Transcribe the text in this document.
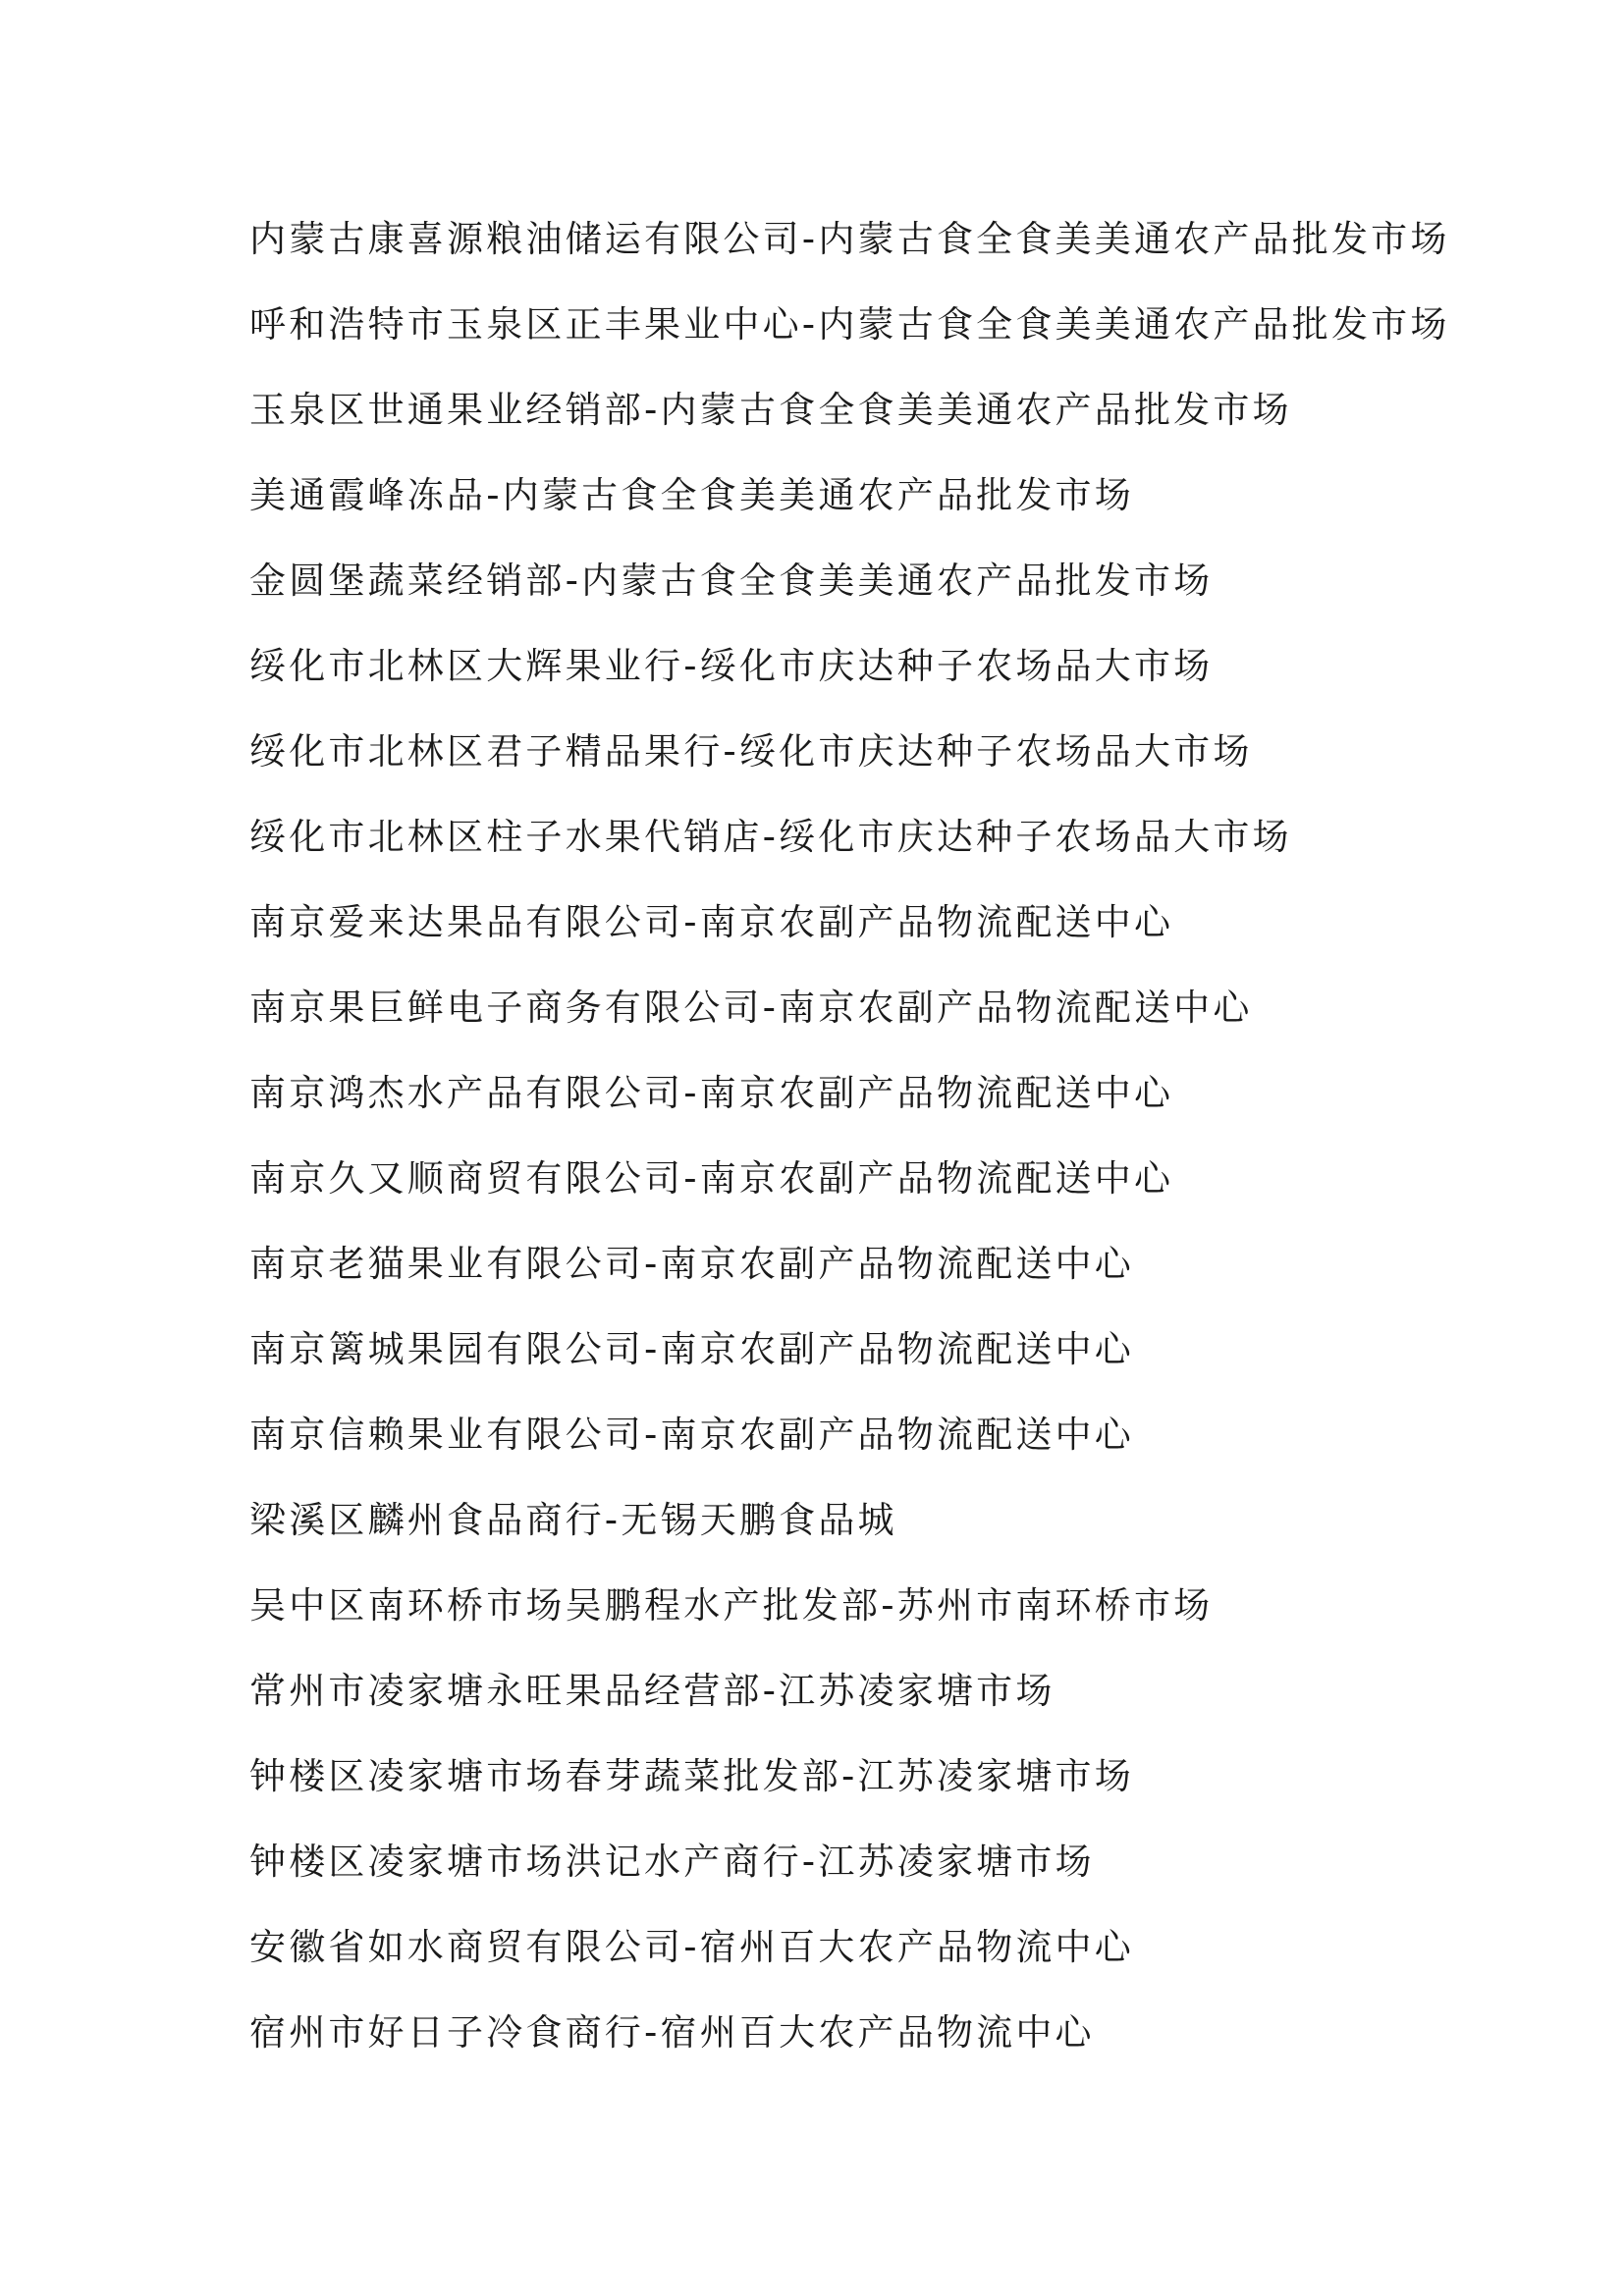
内蒙古康喜源粮油储运有限公司-内蒙古食全食美美通农产品批发市场
呼和浩特市玉泉区正丰果业中心-内蒙古食全食美美通农产品批发市场
玉泉区世通果业经销部-内蒙古食全食美美通农产品批发市场
美通霞峰冻品-内蒙古食全食美美通农产品批发市场
金圆堡蔬菜经销部-内蒙古食全食美美通农产品批发市场
绥化市北林区大辉果业行-绥化市庆达种子农场品大市场
绥化市北林区君子精品果行-绥化市庆达种子农场品大市场
绥化市北林区柱子水果代销店-绥化市庆达种子农场品大市场
南京爱来达果品有限公司-南京农副产品物流配送中心
南京果巨鲜电子商务有限公司-南京农副产品物流配送中心
南京鸿杰水产品有限公司-南京农副产品物流配送中心
南京久又顺商贸有限公司-南京农副产品物流配送中心
南京老猫果业有限公司-南京农副产品物流配送中心
南京篱城果园有限公司-南京农副产品物流配送中心
南京信赖果业有限公司-南京农副产品物流配送中心
梁溪区麟州食品商行-无锡天鹏食品城
吴中区南环桥市场吴鹏程水产批发部-苏州市南环桥市场
常州市凌家塘永旺果品经营部-江苏凌家塘市场
钟楼区凌家塘市场春芽蔬菜批发部-江苏凌家塘市场
钟楼区凌家塘市场洪记水产商行-江苏凌家塘市场
安徽省如水商贸有限公司-宿州百大农产品物流中心
宿州市好日子冷食商行-宿州百大农产品物流中心
